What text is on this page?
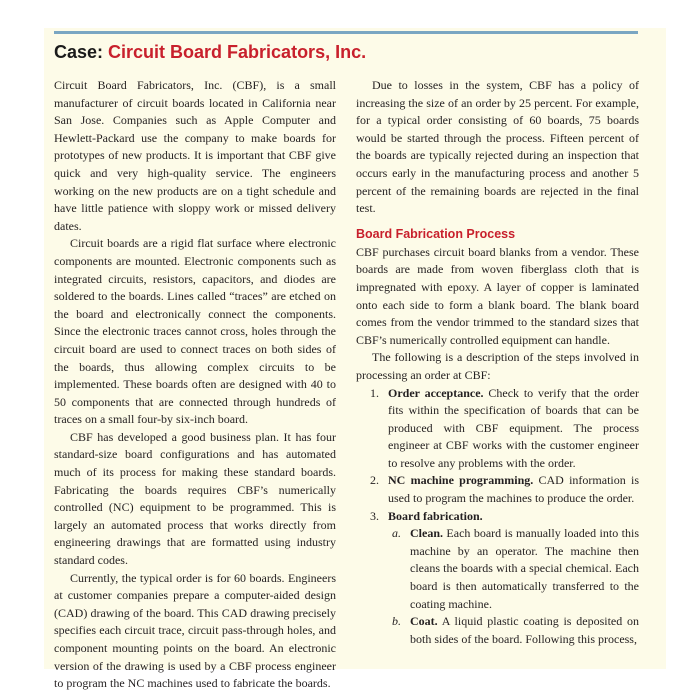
Case: Circuit Board Fabricators, Inc.

Circuit Board Fabricators, Inc. (CBF), is a small manufacturer of circuit boards located in California near San Jose. Companies such as Apple Computer and Hewlett-Packard use the company to make boards for prototypes of new products. It is important that CBF give quick and very high-quality service. The engineers working on the new products are on a tight schedule and have little patience with sloppy work or missed delivery dates.

Circuit boards are a rigid flat surface where electronic components are mounted. Electronic components such as integrated circuits, resistors, capacitors, and diodes are soldered to the boards. Lines called “traces” are etched on the board and electronically connect the components. Since the electronic traces cannot cross, holes through the circuit board are used to connect traces on both sides of the boards, thus allowing complex circuits to be implemented. These boards often are designed with 40 to 50 components that are connected through hundreds of traces on a small four-by six-inch board.

CBF has developed a good business plan. It has four standard-size board configurations and has automated much of its process for making these standard boards. Fabricating the boards requires CBF’s numerically controlled (NC) equipment to be programmed. This is largely an automated process that works directly from engineering drawings that are formatted using industry standard codes.

Currently, the typical order is for 60 boards. Engineers at customer companies prepare a computer-aided design (CAD) drawing of the board. This CAD drawing precisely specifies each circuit trace, circuit pass-through holes, and component mounting points on the board. An electronic version of the drawing is used by a CBF process engineer to program the NC machines used to fabricate the boards.

Due to losses in the system, CBF has a policy of increasing the size of an order by 25 percent. For example, for a typical order consisting of 60 boards, 75 boards would be started through the process. Fifteen percent of the boards are typically rejected during an inspection that occurs early in the manufacturing process and another 5 percent of the remaining boards are rejected in the final test.

Board Fabrication Process

CBF purchases circuit board blanks from a vendor. These boards are made from woven fiberglass cloth that is impregnated with epoxy. A layer of copper is laminated onto each side to form a blank board. The blank board comes from the vendor trimmed to the standard sizes that CBF’s numerically controlled equipment can handle.

The following is a description of the steps involved in processing an order at CBF:

1. Order acceptance. Check to verify that the order fits within the specification of boards that can be produced with CBF equipment. The process engineer at CBF works with the customer engineer to resolve any problems with the order.
2. NC machine programming. CAD information is used to program the machines to produce the order.
3. Board fabrication.
a. Clean. Each board is manually loaded into this machine by an operator. The machine then cleans the boards with a special chemical. Each board is then automatically transferred to the coating machine.
b. Coat. A liquid plastic coating is deposited on both sides of the board. Following this process,
